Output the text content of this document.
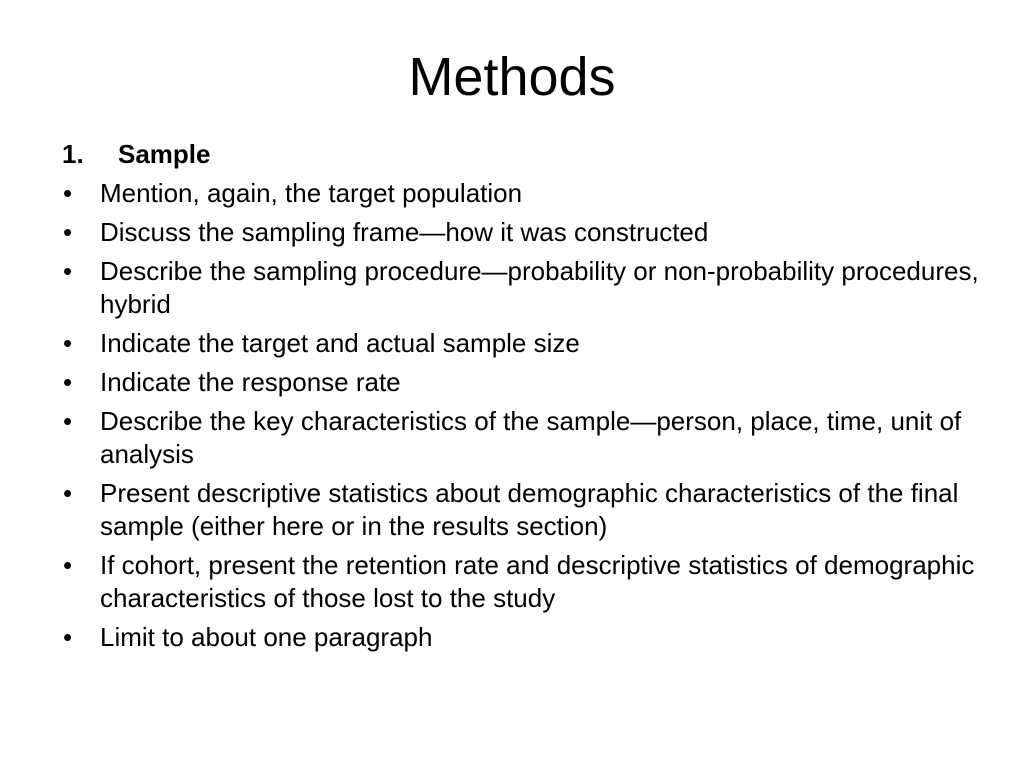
Methods
1. Sample
• Mention, again, the target population
• Discuss the sampling frame—how it was constructed
• Describe the sampling procedure—probability or non-probability procedures, hybrid
• Indicate the target and actual sample size
• Indicate the response rate
• Describe the key characteristics of the sample—person, place, time, unit of analysis
• Present descriptive statistics about demographic characteristics of the final sample (either here or in the results section)
• If cohort, present the retention rate and descriptive statistics of demographic characteristics of those lost to the study
• Limit to about one paragraph
